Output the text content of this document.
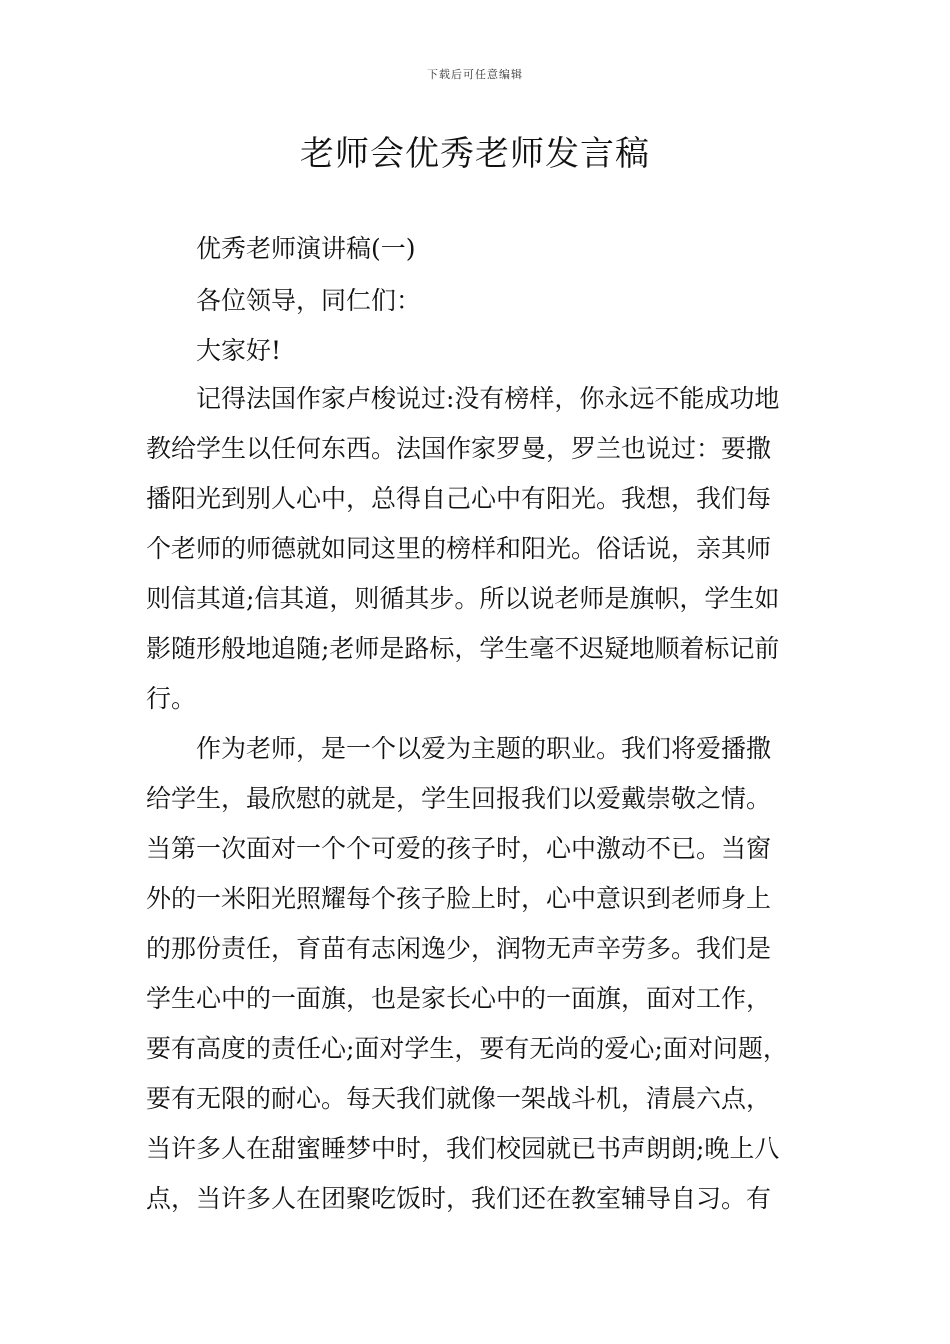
下载后可任意编辑
老师会优秀老师发言稿
优秀老师演讲稿(一)
各位领导，同仁们：
大家好!
记得法国作家卢梭说过:没有榜样，你永远不能成功地
教给学生以任何东西。法国作家罗曼，罗兰也说过：要撒
播阳光到别人心中，总得自己心中有阳光。我想，我们每
个老师的师德就如同这里的榜样和阳光。俗话说，亲其师
则信其道;信其道，则循其步。所以说老师是旗帜，学生如
影随形般地追随;老师是路标，学生毫不迟疑地顺着标记前
行。
作为老师，是一个以爱为主题的职业。我们将爱播撒
给学生，最欣慰的就是，学生回报我们以爱戴崇敬之情。
当第一次面对一个个可爱的孩子时，心中激动不已。当窗
外的一米阳光照耀每个孩子脸上时，心中意识到老师身上
的那份责任，育苗有志闲逸少，润物无声辛劳多。我们是
学生心中的一面旗，也是家长心中的一面旗，面对工作，
要有高度的责任心;面对学生，要有无尚的爱心;面对问题，
要有无限的耐心。每天我们就像一架战斗机，清晨六点，
当许多人在甜蜜睡梦中时，我们校园就已书声朗朗;晚上八
点，当许多人在团聚吃饭时，我们还在教室辅导自习。有
